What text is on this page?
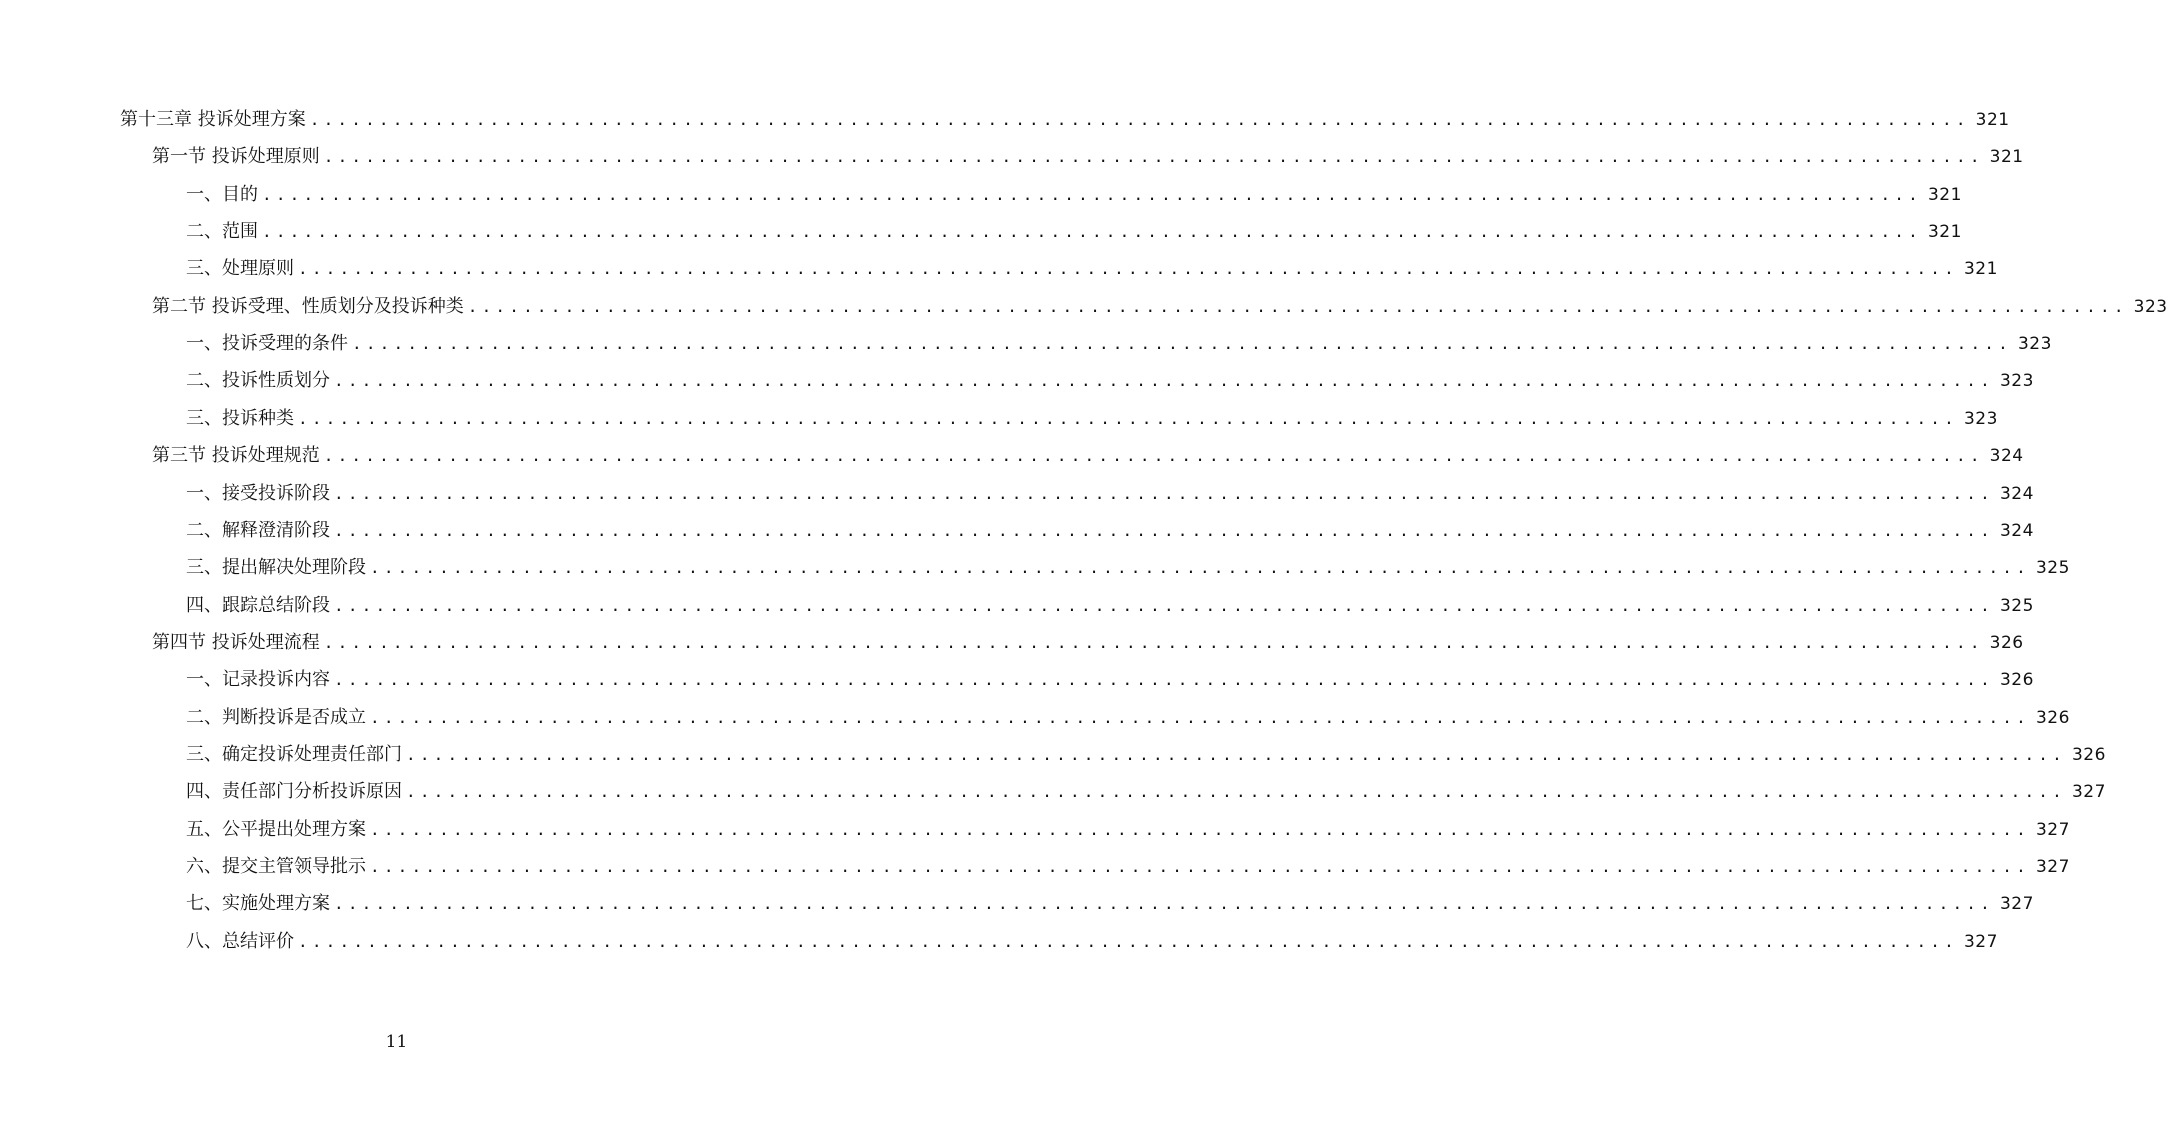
第十三章 投诉处理方案 ........................................................................................................................ 321
第一节 投诉处理原则 ........................................................................................................................ 321
一、目的 ........................................................................................................................ 321
二、范围 ........................................................................................................................ 321
三、处理原则 ........................................................................................................................ 321
第二节 投诉受理、性质划分及投诉种类 ........................................................................................................................ 323
一、投诉受理的条件 ........................................................................................................................ 323
二、投诉性质划分 ........................................................................................................................ 323
三、投诉种类 ........................................................................................................................ 323
第三节 投诉处理规范 ........................................................................................................................ 324
一、接受投诉阶段 ........................................................................................................................ 324
二、解释澄清阶段 ........................................................................................................................ 324
三、提出解决处理阶段 ........................................................................................................................ 325
四、跟踪总结阶段 ........................................................................................................................ 325
第四节 投诉处理流程 ........................................................................................................................ 326
一、记录投诉内容 ........................................................................................................................ 326
二、判断投诉是否成立 ........................................................................................................................ 326
三、确定投诉处理责任部门 ........................................................................................................................ 326
四、责任部门分析投诉原因 ........................................................................................................................ 327
五、公平提出处理方案 ........................................................................................................................ 327
六、提交主管领导批示 ........................................................................................................................ 327
七、实施处理方案 ........................................................................................................................ 327
八、总结评价 ........................................................................................................................ 327
11
